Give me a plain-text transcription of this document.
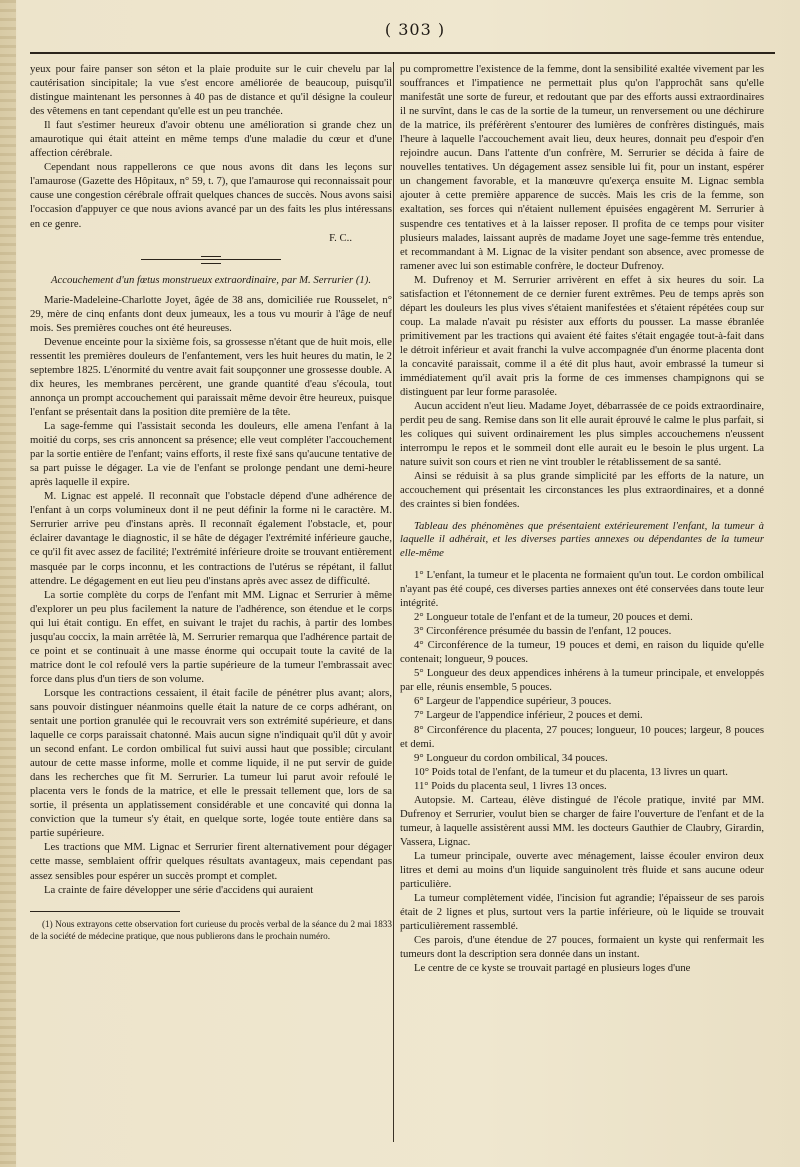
( 303 )

yeux pour faire panser son séton et la plaie produite sur le cuir chevelu par la cautérisation sincipitale; la vue s'est encore améliorée de beaucoup, puisqu'il distingue maintenant les personnes à 40 pas de distance et qu'il désigne la couleur des vêtemens en tant cependant qu'elle est un peu tranchée.

Il faut s'estimer heureux d'avoir obtenu une amélioration si grande chez un amaurotique qui était atteint en même temps d'une maladie du cœur et d'une affection cérébrale.

Cependant nous rappellerons ce que nous avons dit dans les leçons sur l'amaurose (Gazette des Hôpitaux, n° 59, t. 7), que l'amaurose qui reconnaissait pour cause une congestion cérébrale offrait quelques chances de succès. Nous avons saisi l'occasion d'appuyer ce que nous avions avancé par un des faits les plus intéressans en ce genre.

F. C..

Accouchement d'un fœtus monstrueux extraordinaire, par M. Serrurier (1).

Marie-Madeleine-Charlotte Joyet, âgée de 38 ans, domiciliée rue Rousselet, n° 29, mère de cinq enfants dont deux jumeaux, les a tous vu mourir à l'âge de neuf mois. Ses premières couches ont été heureuses.

Devenue enceinte pour la sixième fois, sa grossesse n'étant que de huit mois, elle ressentit les premières douleurs de l'enfantement, vers les huit heures du matin, le 2 septembre 1825. L'énormité du ventre avait fait soupçonner une grossesse double. A dix heures, les membranes percèrent, une grande quantité d'eau s'écoula, tout annonça un prompt accouchement qui paraissait même devoir être heureux, puisque l'enfant se présentait dans la position dite première de la tête.

La sage-femme qui l'assistait seconda les douleurs, elle amena l'enfant à la moitié du corps, ses cris annoncent sa présence; elle veut compléter l'accouchement par la sortie entière de l'enfant; vains efforts, il reste fixé sans qu'aucune tentative de sa part puisse le dégager. La vie de l'enfant se prolonge pendant une demi-heure après laquelle il expire.

M. Lignac est appelé. Il reconnaît que l'obstacle dépend d'une adhérence de l'enfant à un corps volumineux dont il ne peut définir la forme ni le caractère. M. Serrurier arrive peu d'instans après. Il reconnaît également l'obstacle, et, pour éclairer davantage le diagnostic, il se hâte de dégager l'extrémité inférieure gauche, ce qu'il fit avec assez de facilité; l'extrémité inférieure droite se trouvant entièrement masquée par le corps inconnu, et les contractions de l'utérus se répétant, il fallut attendre. Le dégagement en eut lieu peu d'instans après avec assez de difficulté.

La sortie complète du corps de l'enfant mit MM. Lignac et Serrurier à même d'explorer un peu plus facilement la nature de l'adhérence, son étendue et le corps qui lui était contigu. En effet, en suivant le trajet du rachis, à partir des lombes jusqu'au coccix, la main arrêtée là, M. Serrurier remarqua que l'adhérence partait de ce point et se continuait à une masse énorme qui occupait toute la cavité de la matrice dont le col refoulé vers la partie supérieure de la tumeur l'embrassait avec force dans plus d'un tiers de son volume.

Lorsque les contractions cessaient, il était facile de pénétrer plus avant; alors, sans pouvoir distinguer néanmoins quelle était la nature de ce corps adhérant, on sentait une portion granulée qui le recouvrait vers son extrémité supérieure, et dans laquelle ce corps paraissait chatonné. Mais aucun signe n'indiquait qu'il dût y avoir un second enfant. Le cordon ombilical fut suivi aussi haut que possible; circulant autour de cette masse informe, molle et comme liquide, il ne put servir de guide dans les recherches que fit M. Serrurier. La tumeur lui parut avoir refoulé le placenta vers le fonds de la matrice, et elle le pressait tellement que, lors de sa sortie, il présenta un applatissement considérable et une concavité qui donna la conviction que la tumeur s'y était, en quelque sorte, logée toute entière dans sa partie supérieure.

Les tractions que MM. Lignac et Serrurier firent alternativement pour dégager cette masse, semblaient offrir quelques résultats avantageux, mais cependant pas assez sensibles pour espérer un succès prompt et complet.

La crainte de faire développer une série d'accidens qui auraient

(1) Nous extrayons cette observation fort curieuse du procès verbal de la séance du 2 mai 1833 de la société de médecine pratique, que nous publierons dans le prochain numéro.

pu compromettre l'existence de la femme, dont la sensibilité exaltée vivement par les souffrances et l'impatience ne permettait plus qu'on l'approchât sans qu'elle manifestât une sorte de fureur, et redoutant que par des efforts aussi extraordinaires il ne survînt, dans le cas de la sortie de la tumeur, un renversement ou une déchirure de la matrice, ils préférèrent s'entourer des lumières de confrères distingués, mais l'heure à laquelle l'accouchement avait lieu, deux heures, donnait peu d'espoir d'en rejoindre aucun. Dans l'attente d'un confrère, M. Serrurier se décida à faire de nouvelles tentatives. Un dégagement assez sensible lui fit, pour un instant, espérer un changement favorable, et la manœuvre qu'exerça ensuite M. Lignac sembla ajouter à cette première apparence de succès. Mais les cris de la femme, son exaltation, ses forces qui n'étaient nullement épuisées engagèrent M. Serrurier à suspendre ces tentatives et à la laisser reposer. Il profita de ce temps pour visiter plusieurs malades, laissant auprès de madame Joyet une sage-femme très entendue, et recommandant à M. Lignac de la visiter pendant son absence, avec promesse de ramener avec lui son estimable confrère, le docteur Dufrenoy.

M. Dufrenoy et M. Serrurier arrivèrent en effet à six heures du soir. La satisfaction et l'étonnement de ce dernier furent extrêmes. Peu de temps après son départ les douleurs les plus vives s'étaient manifestées et s'étaient répétées coup sur coup. La malade n'avait pu résister aux efforts du pousser. La masse ébranlée primitivement par les tractions qui avaient été faites s'était engagée tout-à-fait dans le détroit inférieur et avait franchi la vulve accompagnée d'un énorme placenta dont la concavité paraissait, comme il a été dit plus haut, avoir embrassé la tumeur si immédiatement qu'il avait pris la forme de ces immenses champignons qui se distinguent par leur forme parasolée.

Aucun accident n'eut lieu. Madame Joyet, débarrassée de ce poids extraordinaire, perdit peu de sang. Remise dans son lit elle aurait éprouvé le calme le plus parfait, si les coliques qui suivent ordinairement les plus simples accouchemens n'eussent interrompu le repos et le sommeil dont elle aurait eu le besoin le plus urgent. La nature suivit son cours et rien ne vint troubler le rétablissement de sa santé.

Ainsi se réduisit à sa plus grande simplicité par les efforts de la nature, un accouchement qui présentait les circonstances les plus extraordinaires, et a donné des craintes si bien fondées.

Tableau des phénomènes que présentaient extérieurement l'enfant, la tumeur à laquelle il adhérait, et les diverses parties annexes ou dépendantes de la tumeur elle-même

1° L'enfant, la tumeur et le placenta ne formaient qu'un tout. Le cordon ombilical n'ayant pas été coupé, ces diverses parties annexes ont été conservées dans toute leur intégrité.

2° Longueur totale de l'enfant et de la tumeur, 20 pouces et demi.

3° Circonférence présumée du bassin de l'enfant, 12 pouces.

4° Circonférence de la tumeur, 19 pouces et demi, en raison du liquide qu'elle contenait; longueur, 9 pouces.

5° Longueur des deux appendices inhérens à la tumeur principale, et enveloppés par elle, réunis ensemble, 5 pouces.

6° Largeur de l'appendice supérieur, 3 pouces.

7° Largeur de l'appendice inférieur, 2 pouces et demi.

8° Circonférence du placenta, 27 pouces; longueur, 10 pouces; largeur, 8 pouces et demi.

9° Longueur du cordon ombilical, 34 pouces.

10° Poids total de l'enfant, de la tumeur et du placenta, 13 livres un quart.

11° Poids du placenta seul, 1 livres 13 onces.

Autopsie. M. Carteau, élève distingué de l'école pratique, invité par MM. Dufrenoy et Serrurier, voulut bien se charger de faire l'ouverture de l'enfant et de la tumeur, à laquelle assistèrent aussi MM. les docteurs Gauthier de Claubry, Girardin, Vassera, Lignac.

La tumeur principale, ouverte avec ménagement, laisse écouler environ deux litres et demi au moins d'un liquide sanguinolent très fluide et sans aucune odeur particulière.

La tumeur complètement vidée, l'incision fut agrandie; l'épaisseur de ses parois était de 2 lignes et plus, surtout vers la partie inférieure, où le liquide se trouvait particulièrement rassemblé.

Ces parois, d'une étendue de 27 pouces, formaient un kyste qui renfermait les tumeurs dont la description sera donnée dans un instant.

Le centre de ce kyste se trouvait partagé en plusieurs loges d'une
